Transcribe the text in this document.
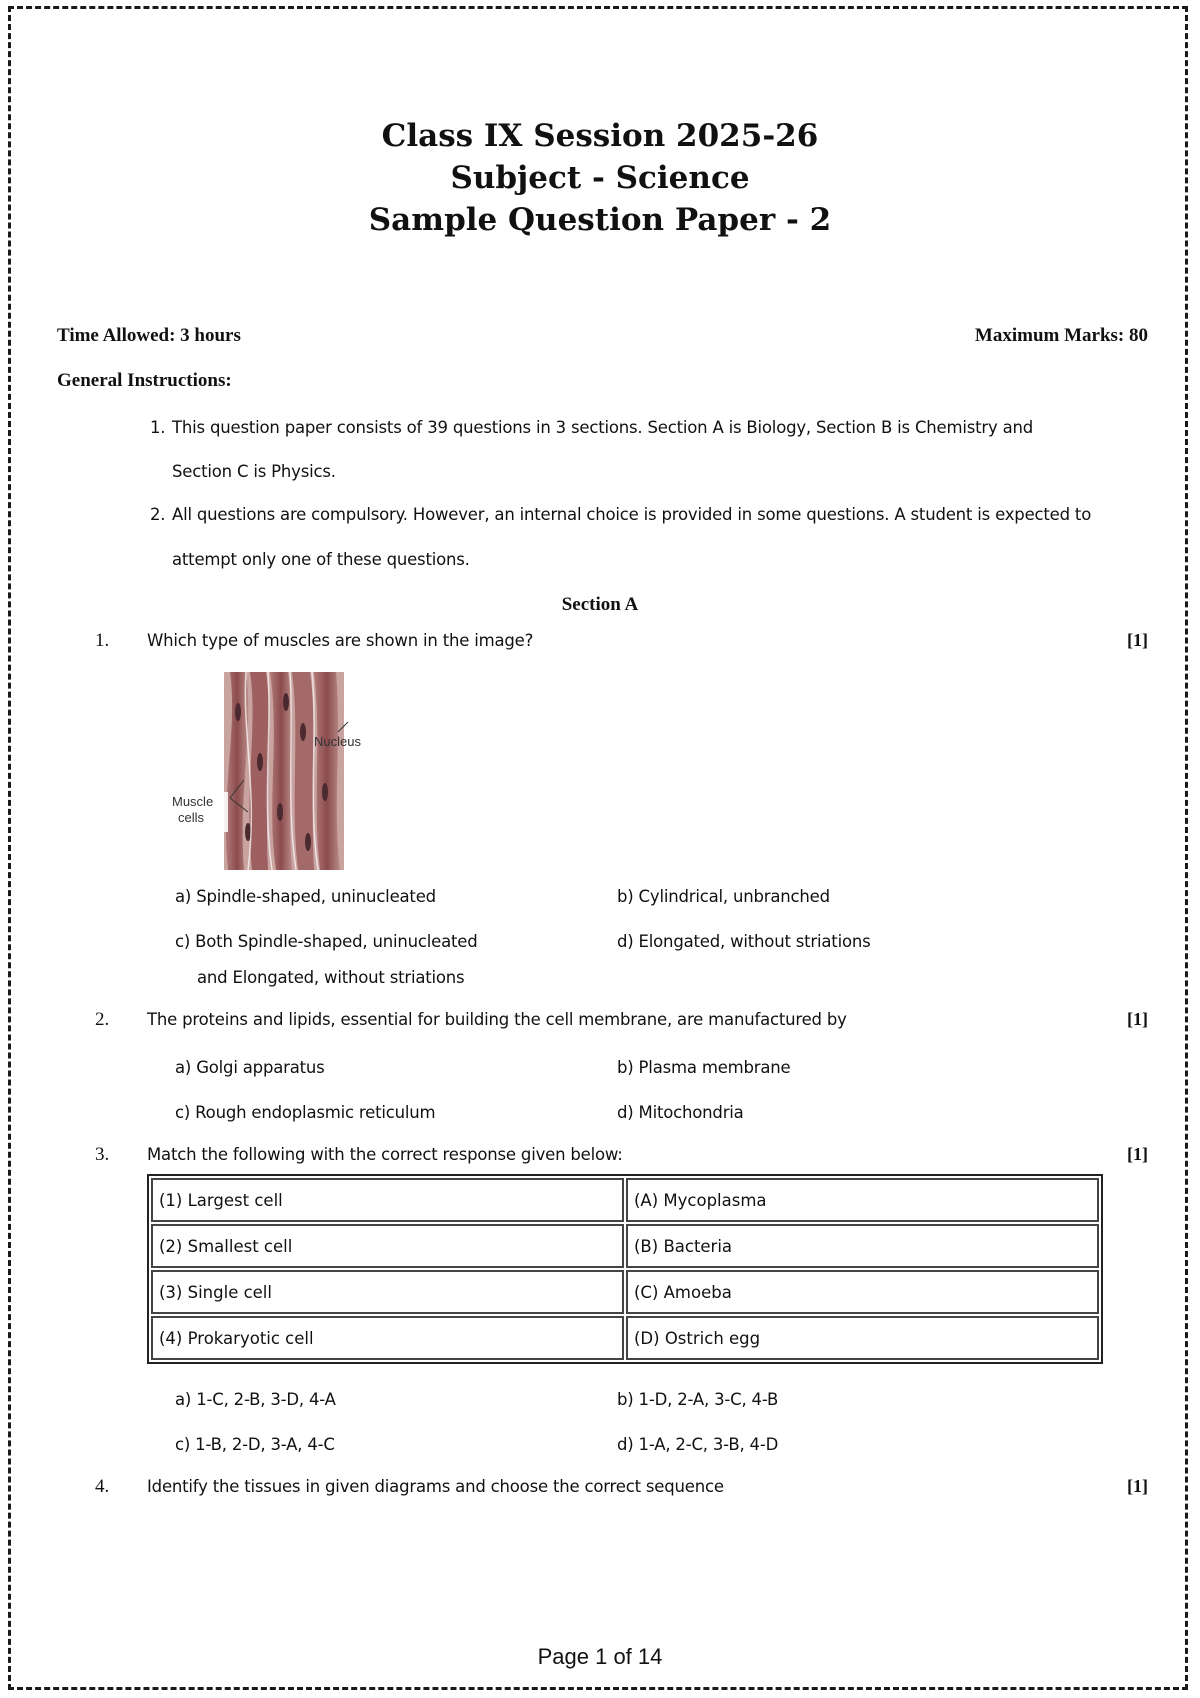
Class IX Session 2025-26
Subject - Science
Sample Question Paper - 2
Time Allowed: 3 hours	Maximum Marks: 80
General Instructions:
1. This question paper consists of 39 questions in 3 sections. Section A is Biology, Section B is Chemistry and
Section C is Physics.
2. All questions are compulsory. However, an internal choice is provided in some questions. A student is expected to
attempt only one of these questions.
Section A
1. Which type of muscles are shown in the image?	[1]
Nucleus
Muscle
cells
a) Spindle-shaped, uninucleated	b) Cylindrical, unbranched
c) Both Spindle-shaped, uninucleated
and Elongated, without striations
d) Elongated, without striations
2. The proteins and lipids, essential for building the cell membrane, are manufactured by	[1]
a) Golgi apparatus	b) Plasma membrane
c) Rough endoplasmic reticulum	d) Mitochondria
3. Match the following with the correct response given below:	[1]
(1) Largest cell	(A) Mycoplasma
(2) Smallest cell	(B) Bacteria
(3) Single cell	(C) Amoeba
(4) Prokaryotic cell	(D) Ostrich egg
a) 1-C, 2-B, 3-D, 4-A	b) 1-D, 2-A, 3-C, 4-B
c) 1-B, 2-D, 3-A, 4-C	d) 1-A, 2-C, 3-B, 4-D
4. Identify the tissues in given diagrams and choose the correct sequence	[1]
Page 1 of 14
